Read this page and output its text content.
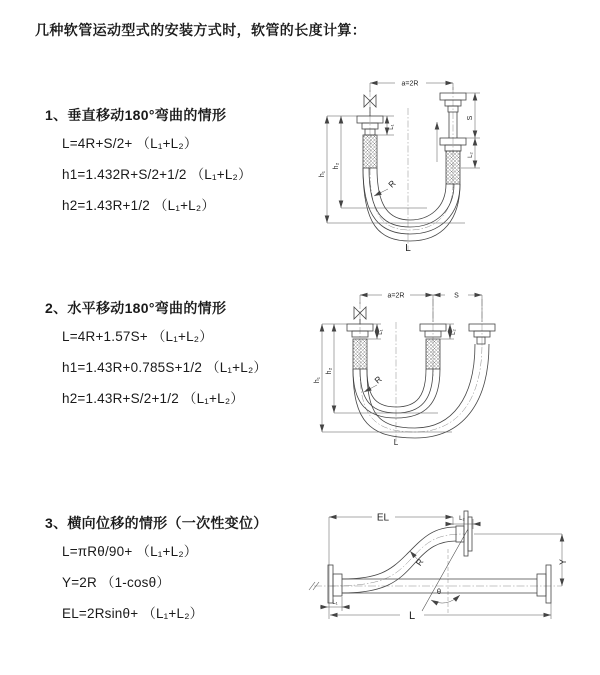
几种软管运动型式的安装方式时，软管的长度计算：

1、垂直移动180°弯曲的情形

L=4R+S/2+ （L₁+L₂）

h1=1.432R+S/2+1/2 （L₁+L₂）

h2=1.43R+1/2 （L₁+L₂）

a=2R
h₁
h₂
L₁
S
L₂
R
L

2、水平移动180°弯曲的情形

L=4R+1.57S+ （L₁+L₂）

h1=1.43R+0.785S+1/2 （L₁+L₂）

h2=1.43R+S/2+1/2 （L₁+L₂）

a=2R	S
h₁
h₂
L₁	L₂
R
L

3、横向位移的情形（一次性变位）

L=πRθ/90+ （L₁+L₂）

Y=2R （1-cosθ）

EL=2Rsinθ+ （L₁+L₂）

EL	L₂
Y
L
L₁
R
θ
